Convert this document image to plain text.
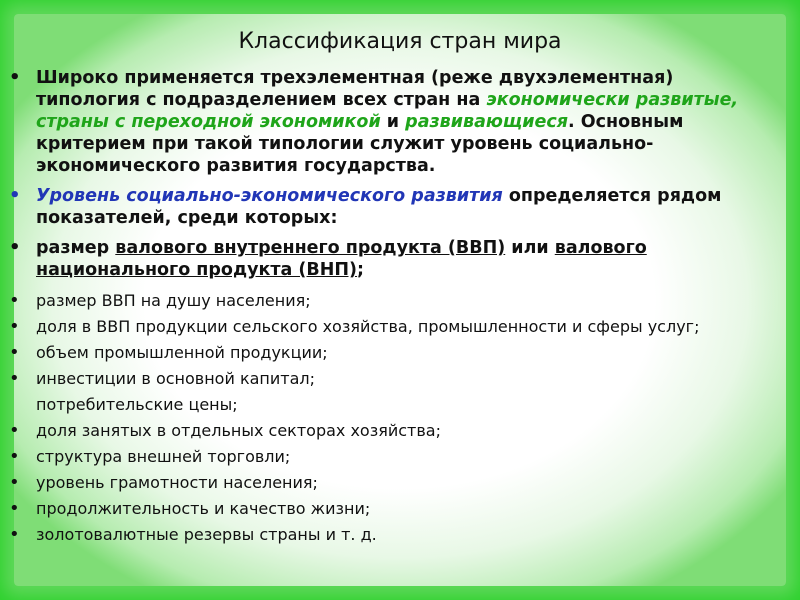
Классификация стран мира
• Широко применяется трехэлементная (реже двухэлементная) типология с подразделением всех стран на экономически развитые, страны с переходной экономикой и развивающиеся. Основным критерием при такой типологии служит уровень социально-экономического развития государства.
• Уровень социально-экономического развития определяется рядом показателей, среди которых:
• размер валового внутреннего продукта (ВВП) или валового национального продукта (ВНП);
• размер ВВП на душу населения;
• доля в ВВП продукции сельского хозяйства, промышленности и сферы услуг;
• объем промышленной продукции;
• инвестиции в основной капитал;
потребительские цены;
• доля занятых в отдельных секторах хозяйства;
• структура внешней торговли;
• уровень грамотности населения;
• продолжительность и качество жизни;
• золотовалютные резервы страны и т. д.
